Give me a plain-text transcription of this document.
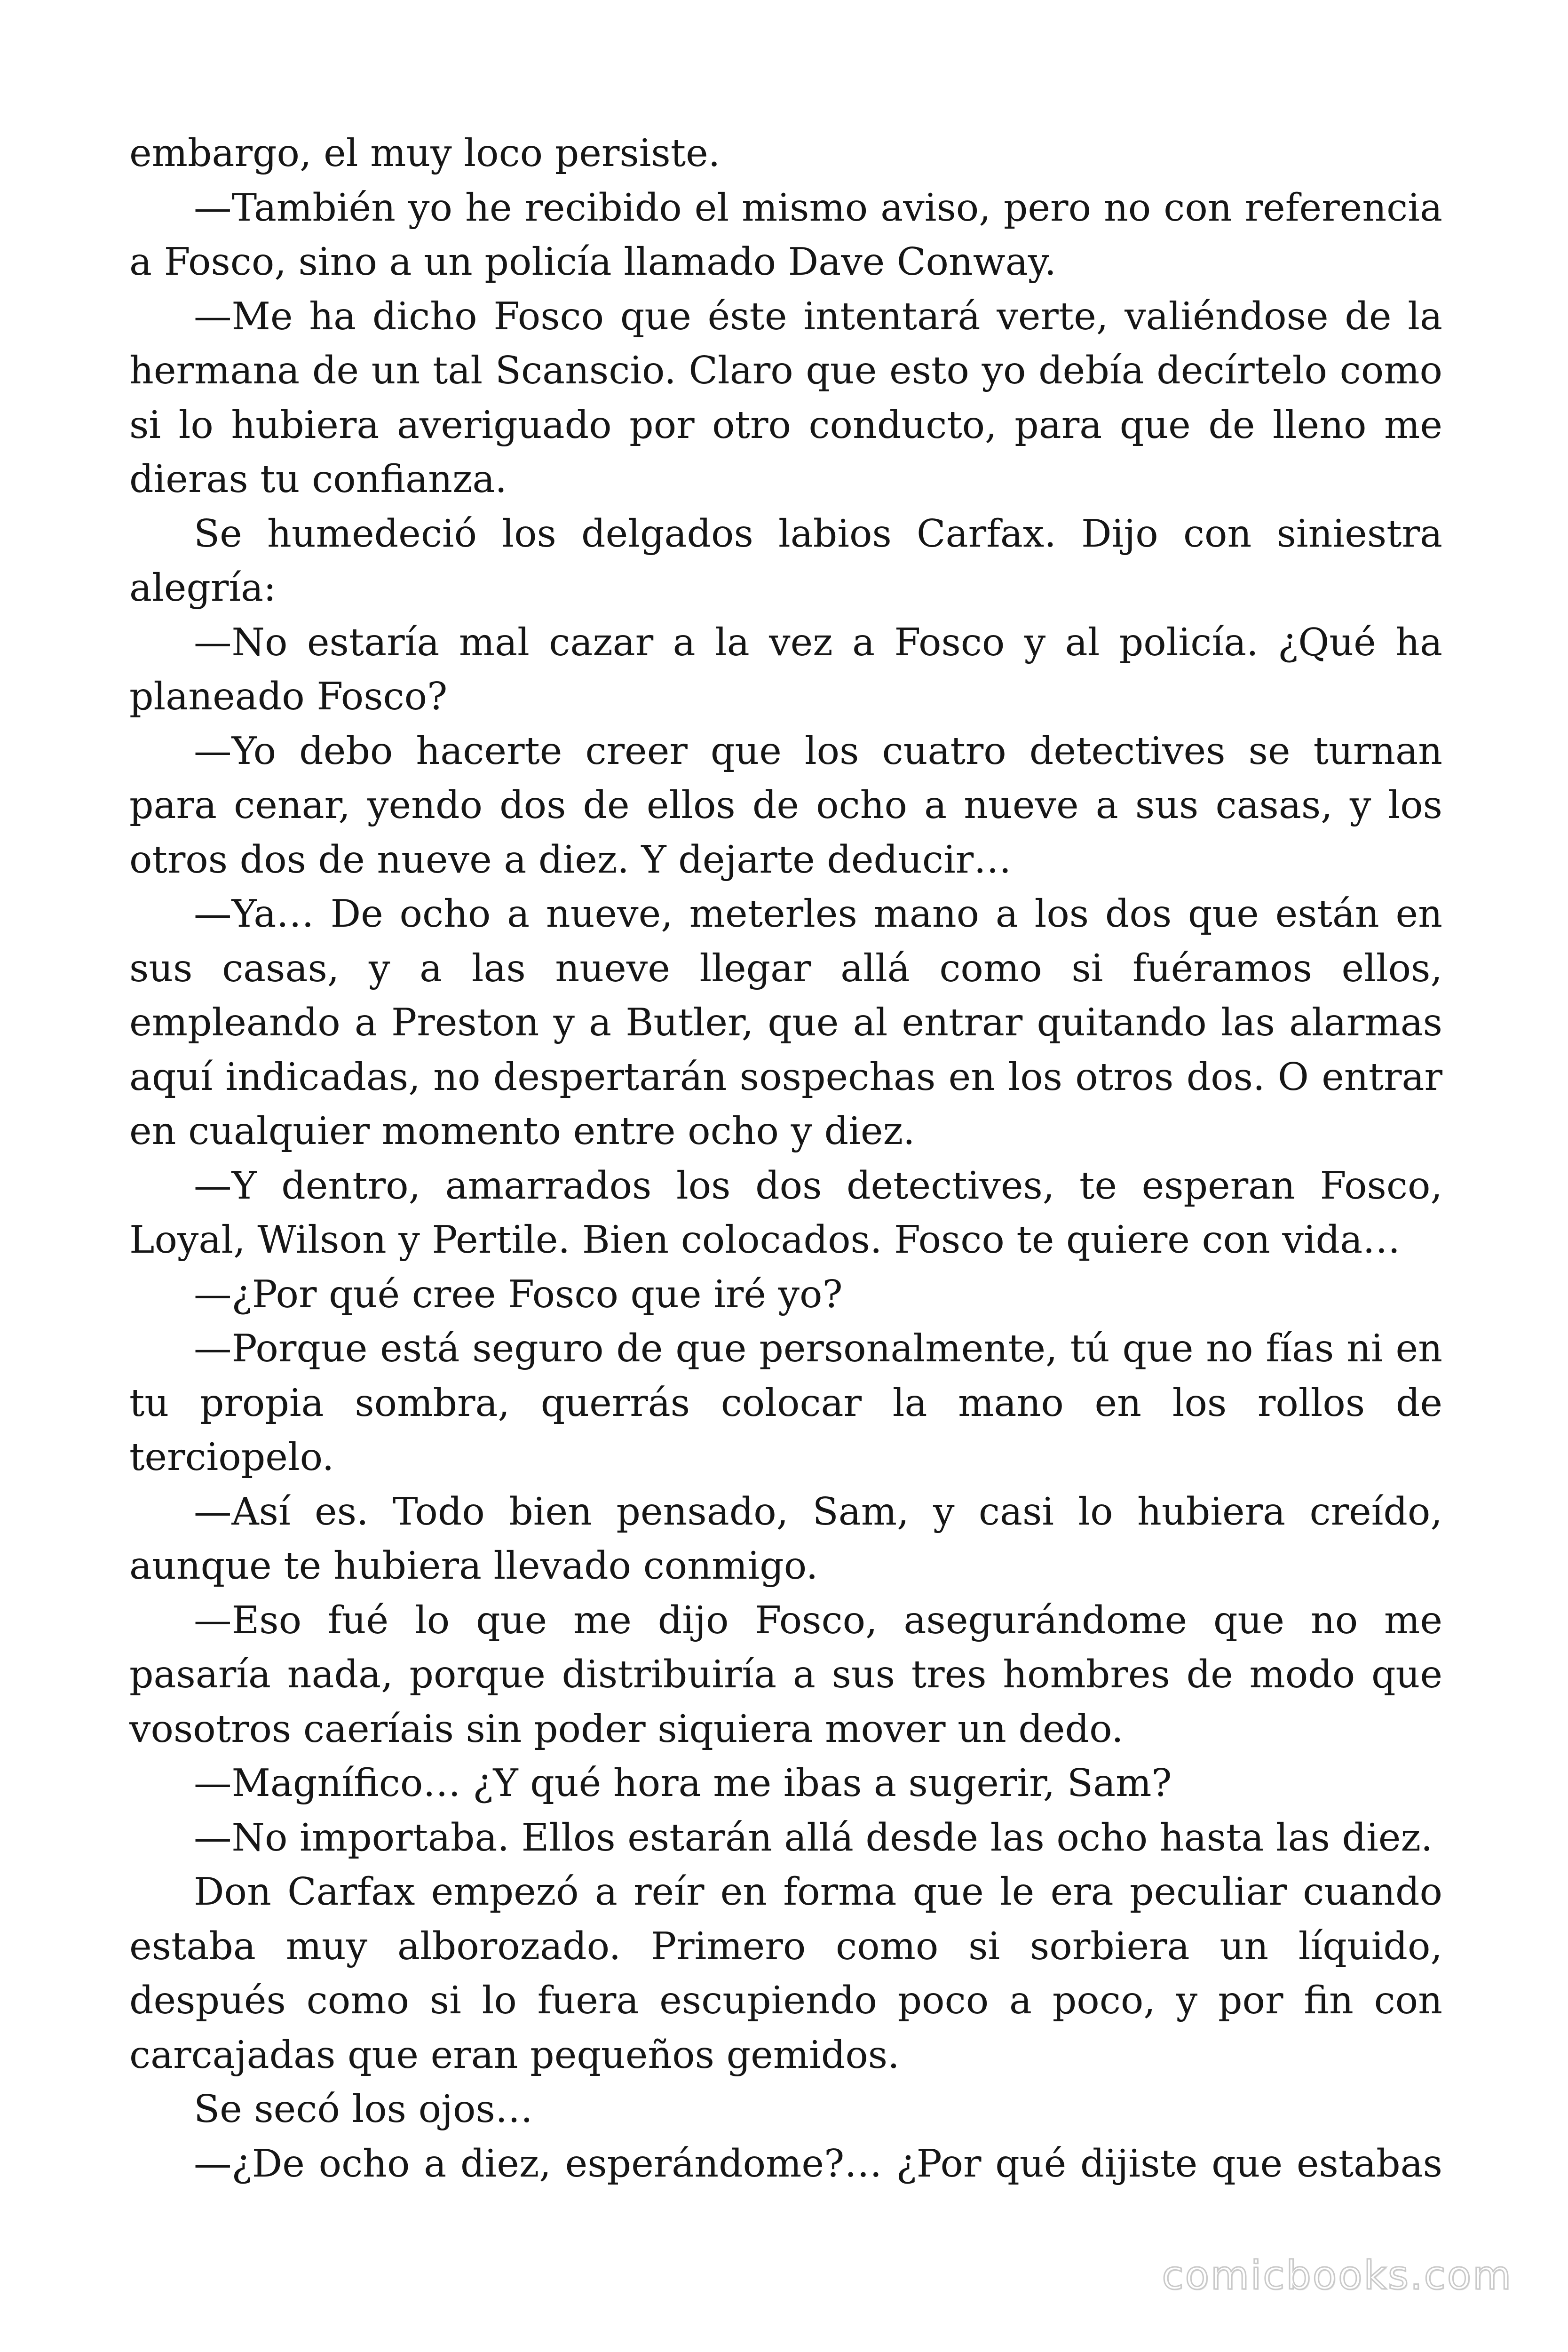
embargo, el muy loco persiste.

—También yo he recibido el mismo aviso, pero no con referencia a Fosco, sino a un policía llamado Dave Conway.

—Me ha dicho Fosco que éste intentará verte, valiéndose de la hermana de un tal Scanscio. Claro que esto yo debía decírtelo como si lo hubiera averiguado por otro conducto, para que de lleno me dieras tu confianza.

Se humedeció los delgados labios Carfax. Dijo con siniestra alegría:

—No estaría mal cazar a la vez a Fosco y al policía. ¿Qué ha planeado Fosco?

—Yo debo hacerte creer que los cuatro detectives se turnan para cenar, yendo dos de ellos de ocho a nueve a sus casas, y los otros dos de nueve a diez. Y dejarte deducir…

—Ya… De ocho a nueve, meterles mano a los dos que están en sus casas, y a las nueve llegar allá como si fuéramos ellos, empleando a Preston y a Butler, que al entrar quitando las alarmas aquí indicadas, no despertarán sospechas en los otros dos. O entrar en cualquier momento entre ocho y diez.

—Y dentro, amarrados los dos detectives, te esperan Fosco, Loyal, Wilson y Pertile. Bien colocados. Fosco te quiere con vida…

—¿Por qué cree Fosco que iré yo?

—Porque está seguro de que personalmente, tú que no fías ni en tu propia sombra, querrás colocar la mano en los rollos de terciopelo.

—Así es. Todo bien pensado, Sam, y casi lo hubiera creído, aunque te hubiera llevado conmigo.

—Eso fué lo que me dijo Fosco, asegurándome que no me pasaría nada, porque distribuiría a sus tres hombres de modo que vosotros caeríais sin poder siquiera mover un dedo.

—Magnífico… ¿Y qué hora me ibas a sugerir, Sam?

—No importaba. Ellos estarán allá desde las ocho hasta las diez.

Don Carfax empezó a reír en forma que le era peculiar cuando estaba muy alborozado. Primero como si sorbiera un líquido, después como si lo fuera escupiendo poco a poco, y por fin con carcajadas que eran pequeños gemidos.

Se secó los ojos…

—¿De ocho a diez, esperándome?… ¿Por qué dijiste que estabas

comicbooks.com
